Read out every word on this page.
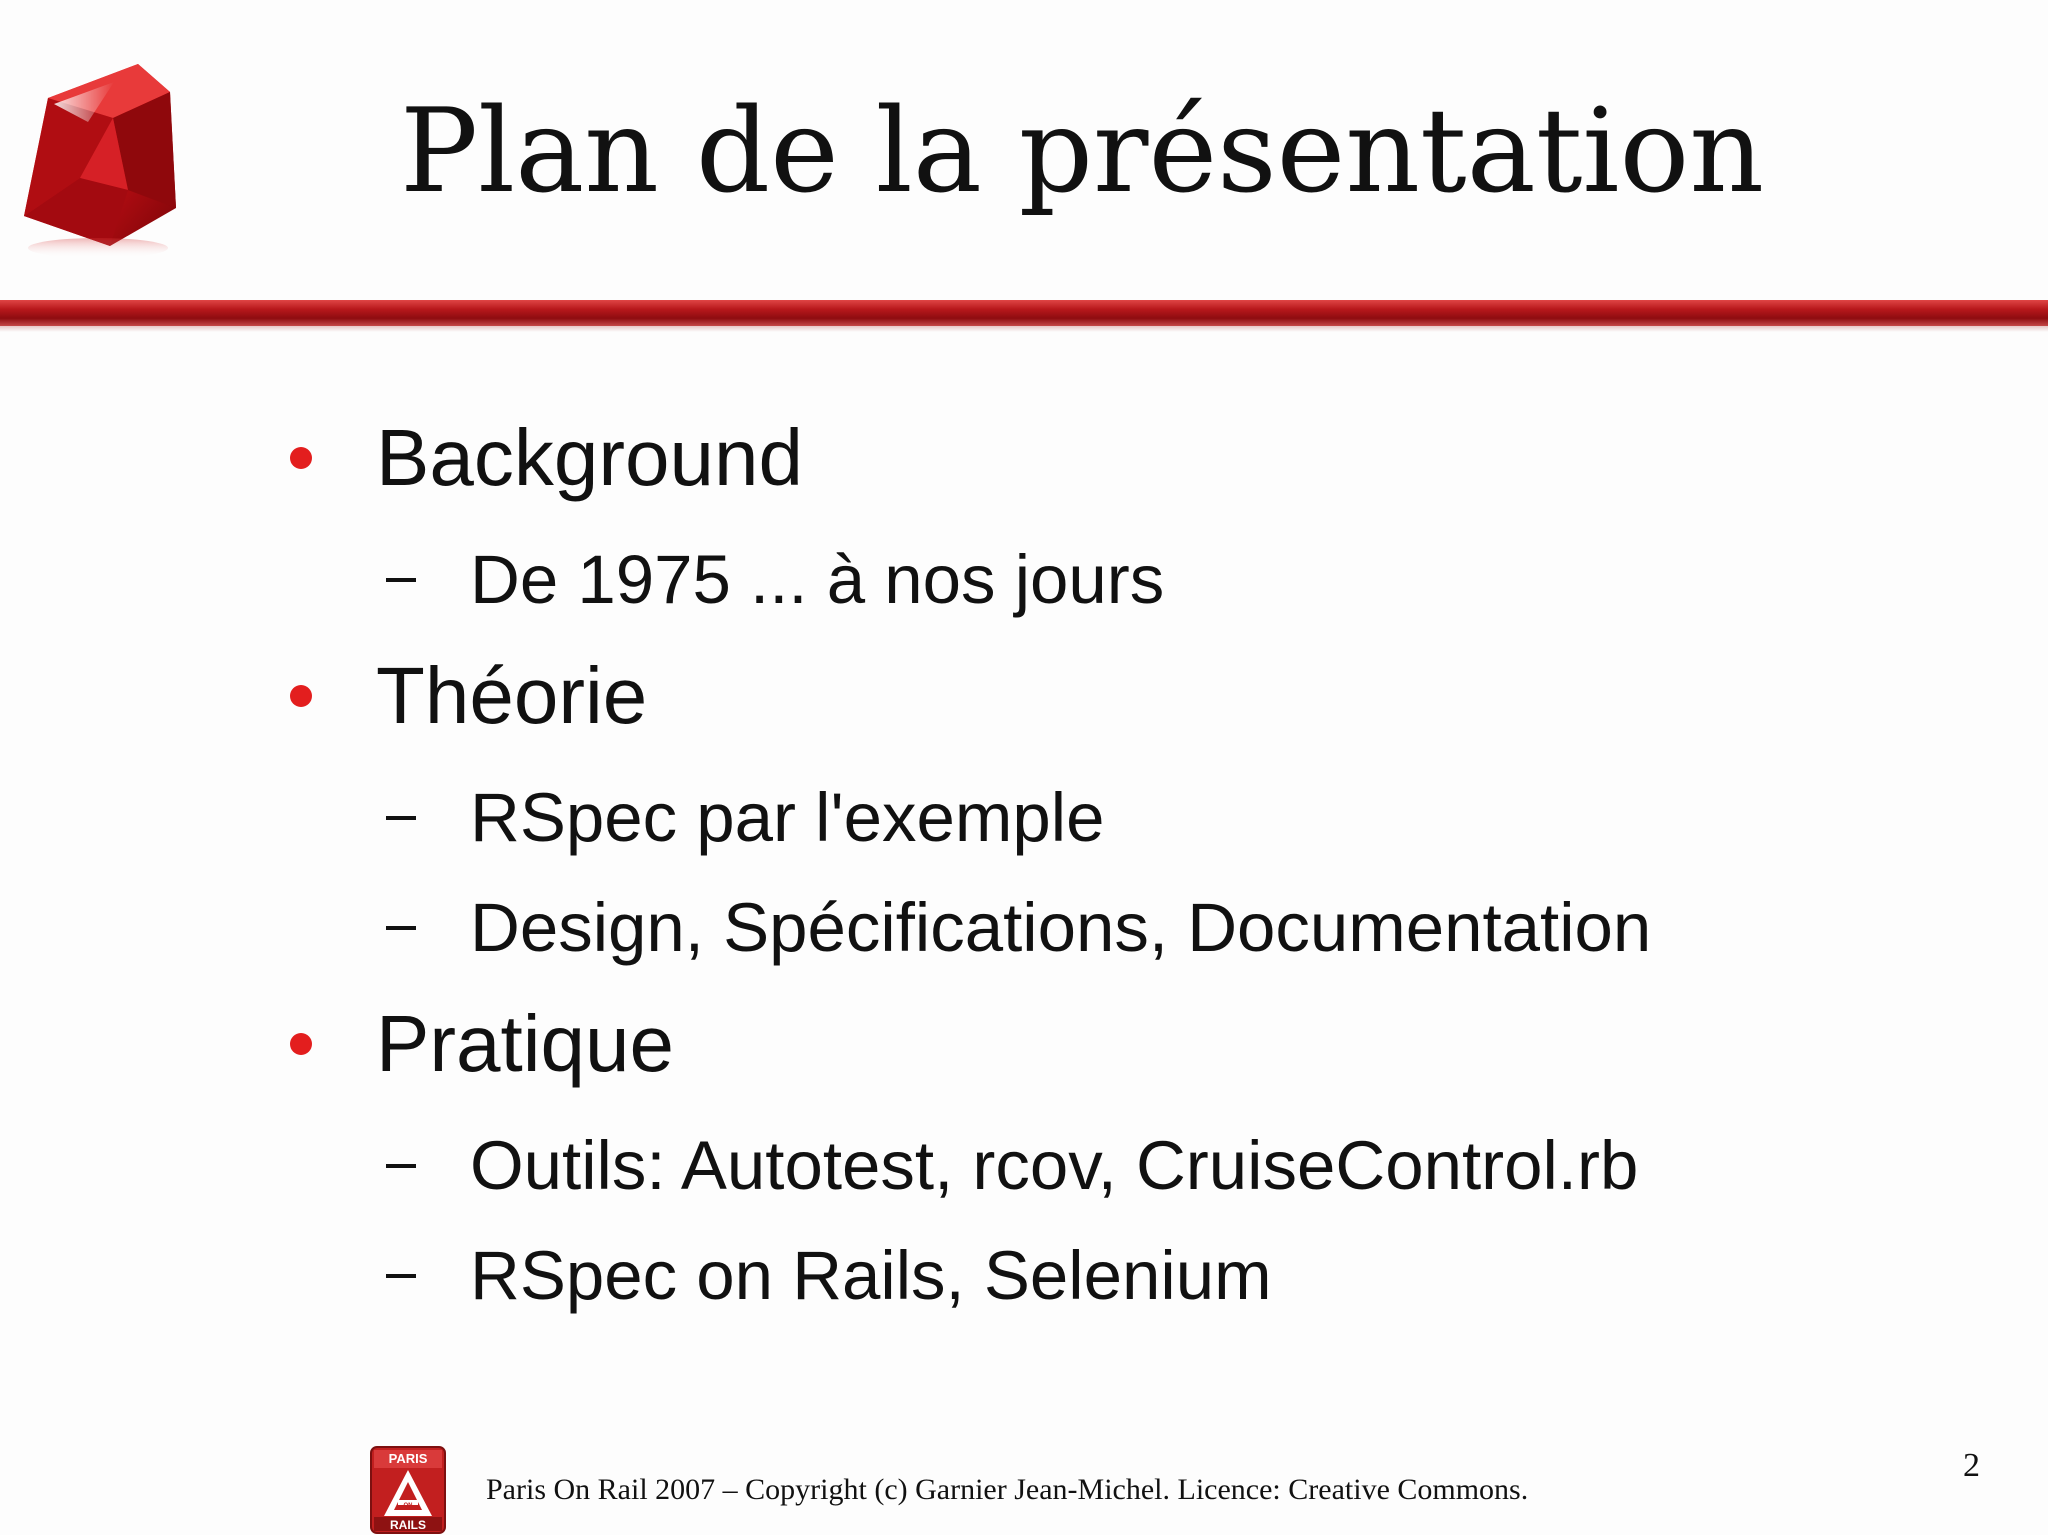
Plan de la présentation
Background
De 1975 ... à nos jours
Théorie
RSpec par l'exemple
Design, Spécifications, Documentation
Pratique
Outils: Autotest, rcov, CruiseControl.rb
RSpec on Rails, Selenium
PARIS
ON
RAILS
Paris On Rail 2007 – Copyright (c) Garnier Jean-Michel. Licence: Creative Commons.
2
